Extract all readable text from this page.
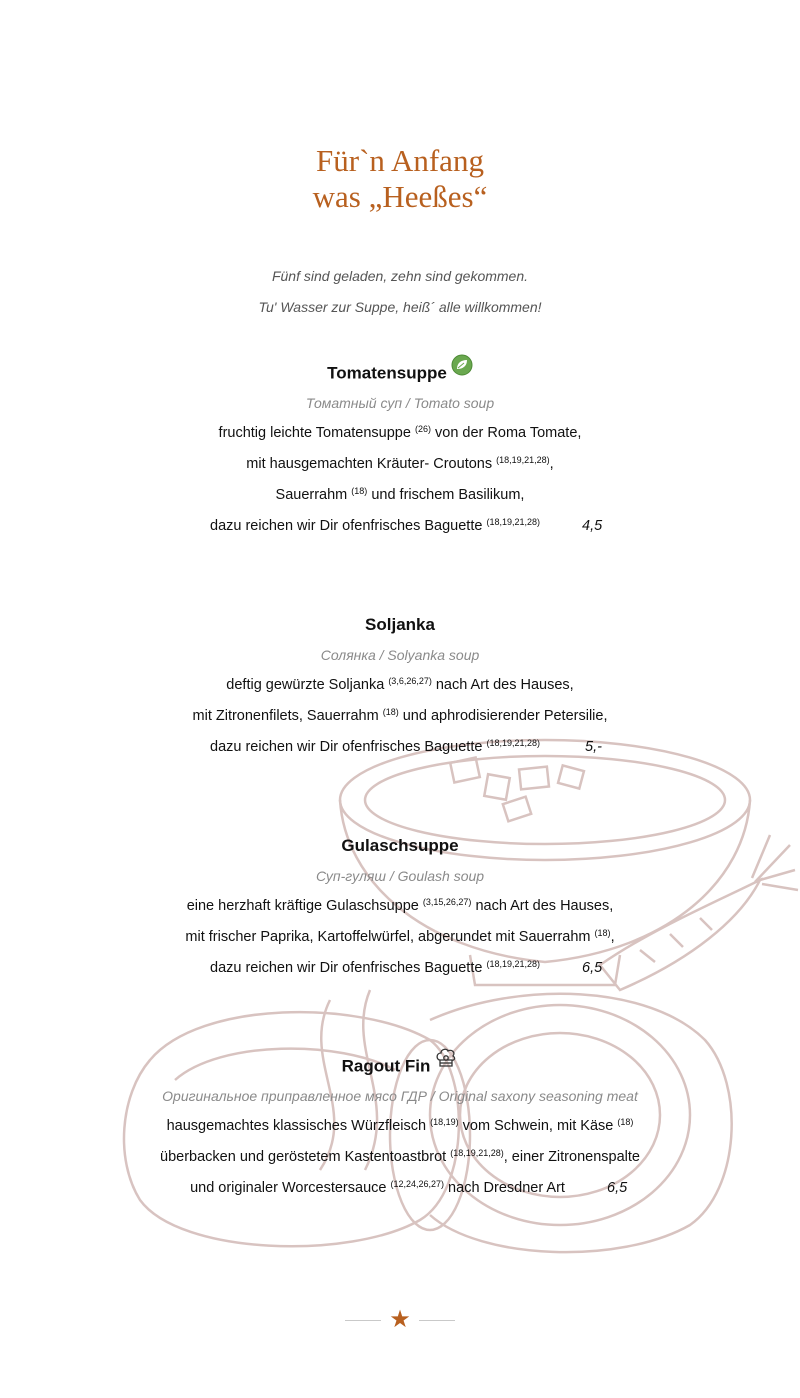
Für`n Anfang
was „Heeßes“
Fünf sind geladen, zehn sind gekommen.
Tu' Wasser zur Suppe, heiß´ alle willkommen!
Tomatensuppe
Томатный суп / Tomato soup
fruchtig leichte Tomatensuppe $^{(26)}$ von der Roma Tomate,
mit hausgemachten Kräuter- Croutons $^{(18,19,21,28)}$,
Sauerrahm $^{(18)}$ und frischem Basilikum,
dazu reichen wir Dir ofenfrisches Baguette $^{(18,19,21,28)}$	4,5
Soljanka
Солянка / Solyanka soup
deftig gewürzte Soljanka $^{(3,6,26,27)}$ nach Art des Hauses,
mit Zitronenfilets, Sauerrahm $^{(18)}$ und aphrodisierender Petersilie,
dazu reichen wir Dir ofenfrisches Baguette $^{(18,19,21,28)}$	5,-
Gulaschsuppe
Суп-гуляш / Goulash soup
eine herzhaft kräftige Gulaschsuppe $^{(3,15,26,27)}$ nach Art des Hauses,
mit frischer Paprika, Kartoffelwürfel, abgerundet mit Sauerrahm $^{(18)}$,
dazu reichen wir Dir ofenfrisches Baguette $^{(18,19,21,28)}$	6,5
Ragout Fin
Оригинальное приправленное мясо ГДР / Original saxony seasoning meat
hausgemachtes klassisches Würzfleisch $^{(18,19)}$ vom Schwein, mit Käse $^{(18)}$
überbacken und geröstetem Kastentoastbrot $^{(18,19,21,28)}$, einer Zitronenspalte
und originaler Worcestersauce $^{(12,24,26,27)}$ nach Dresdner Art	6,5
★
